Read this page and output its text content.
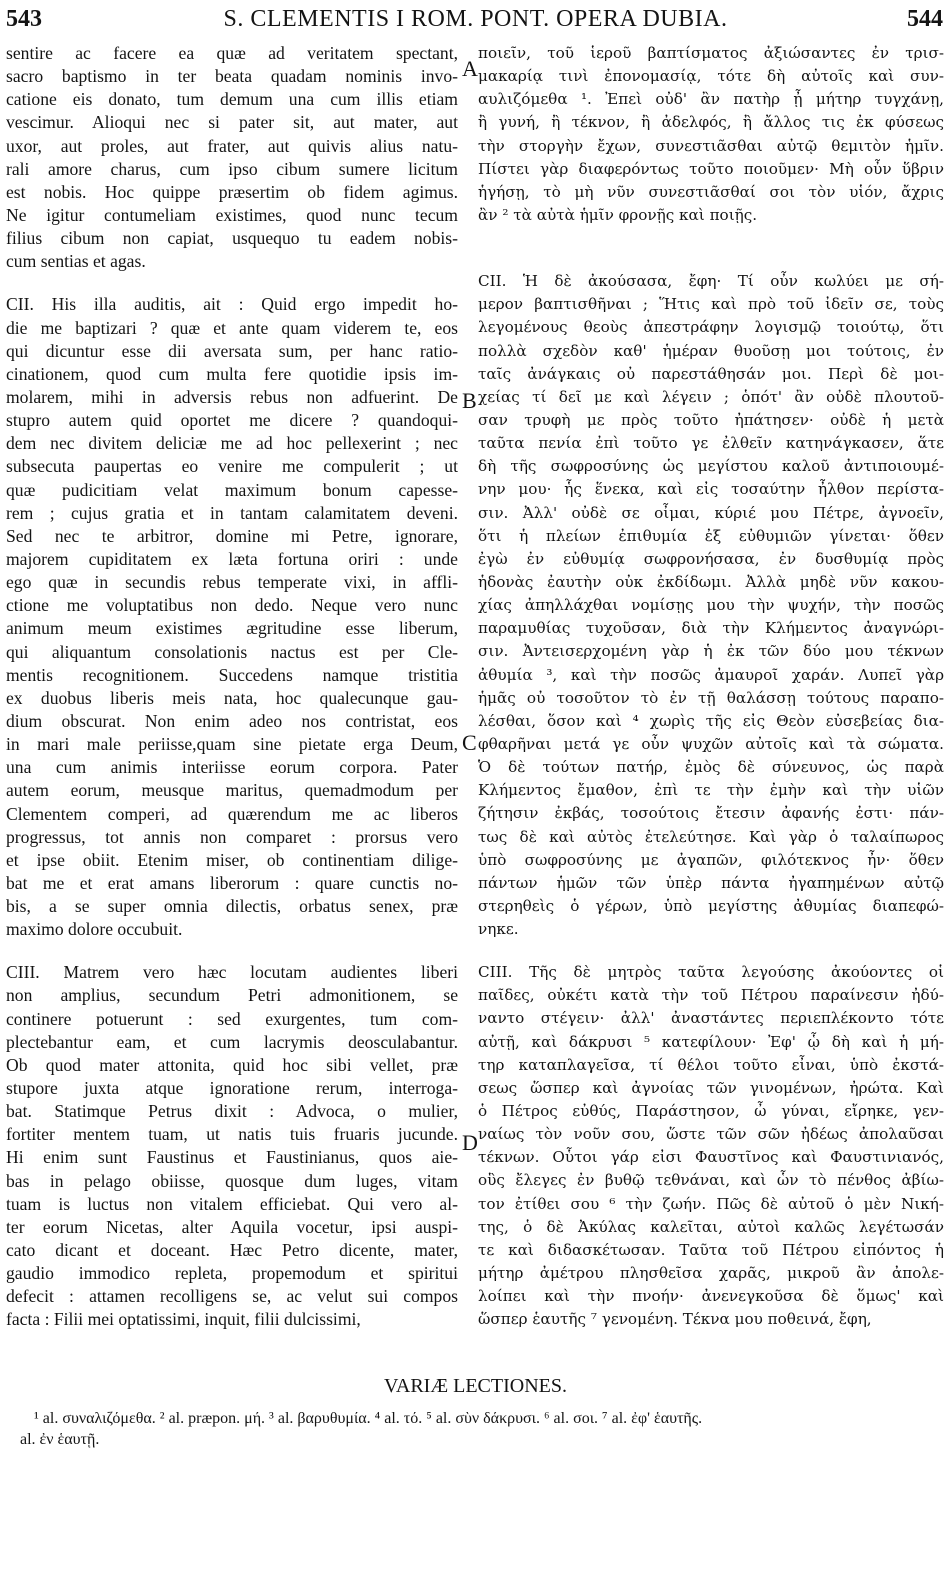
543	S. CLEMENTIS I ROM. PONT. OPERA DUBIA.	544
sentire ac facere ea quæ ad veritatem spectant,
sacro baptismo in ter beata quadam nominis invo-
catione eis donato, tum demum una cum illis etiam
vescimur. Alioqui nec si pater sit, aut mater, aut
uxor, aut proles, aut frater, aut quivis alius natu-
rali amore charus, cum ipso cibum sumere licitum
est nobis. Hoc quippe præsertim ob fidem agimus.
Ne igitur contumeliam existimes, quod nunc tecum
filius cibum non capiat, usquequo tu eadem nobis-
cum sentias et agas.
CII. His illa auditis, ait : Quid ergo impedit ho-
die me baptizari ? quæ et ante quam viderem te, eos
qui dicuntur esse dii aversata sum, per hanc ratio-
cinationem, quod cum multa fere quotidie ipsis im-
molarem, mihi in adversis rebus non adfuerint. De
stupro autem quid oportet me dicere ? quandoqui-
dem nec divitem deliciæ me ad hoc pellexerint ; nec
subsecuta paupertas eo venire me compulerit ; ut
quæ pudicitiam velat maximum bonum capesse-
rem ; cujus gratia et in tantam calamitatem deveni.
Sed nec te arbitror, domine mi Petre, ignorare,
majorem cupiditatem ex læta fortuna oriri : unde
ego quæ in secundis rebus temperate vixi, in affli-
ctione me voluptatibus non dedo. Neque vero nunc
animum meum existimes ægritudine esse liberum,
qui aliquantum consolationis nactus est per Cle-
mentis recognitionem. Succedens namque tristitia
ex duobus liberis meis nata, hoc qualecunque gau-
dium obscurat. Non enim adeo nos contristat, eos
in mari male periisse,quam sine pietate erga Deum,
una cum animis interiisse eorum corpora. Pater
autem eorum, meusque maritus, quemadmodum per
Clementem comperi, ad quærendum me ac liberos
progressus, tot annis non comparet : prorsus vero
et ipse obiit. Etenim miser, ob continentiam dilige-
bat me et erat amans liberorum : quare cunctis no-
bis, a se super omnia dilectis, orbatus senex, præ
maximo dolore occubuit.
CIII. Matrem vero hæc locutam audientes liberi
non amplius, secundum Petri admonitionem, se
continere potuerunt : sed exurgentes, tum com-
plectebantur eam, et cum lacrymis deosculabantur.
Ob quod mater attonita, quid hoc sibi vellet, præ
stupore juxta atque ignoratione rerum, interroga-
bat. Statimque Petrus dixit : Advoca, o mulier,
fortiter mentem tuam, ut natis tuis fruaris jucunde.
Hi enim sunt Faustinus et Faustinianus, quos aie-
bas in pelago obiisse, quosque dum luges, vitam
tuam is luctus non vitalem efficiebat. Qui vero al-
ter eorum Nicetas, alter Aquila vocetur, ipsi auspi-
cato dicant et doceant. Hæc Petro dicente, mater,
gaudio immodico repleta, propemodum et spiritui
defecit : attamen recolligens se, ac velut sui compos
facta : Filii mei optatissimi, inquit, filii dulcissimi,
A
B
C
D
ποιεῖν, τοῦ ἱεροῦ βαπτίσματος ἀξιώσαντες ἐν τρισ-
μακαρίᾳ τινὶ ἐπονομασίᾳ, τότε δὴ αὐτοῖς καὶ συν-
αυλιζόμεθα ¹. Ἐπεὶ οὐδ' ἂν πατὴρ ᾖ μήτηρ τυγχάνῃ,
ἢ γυνή, ἢ τέκνον, ἢ ἀδελφός, ἢ ἄλλος τις ἐκ φύσεως
τὴν στοργὴν ἔχων, συνεστιᾶσθαι αὐτῷ θεμιτὸν ἡμῖν.
Πίστει γὰρ διαφερόντως τοῦτο ποιοῦμεν· Μὴ οὖν ὕβριν
ἡγήσῃ, τὸ μὴ νῦν συνεστιᾶσθαί σοι τὸν υἱόν, ἄχρις
ἂν ² τὰ αὐτὰ ἡμῖν φρονῇς καὶ ποιῇς.
CII. Ἡ δὲ ἀκούσασα, ἔφη· Τί οὖν κωλύει με σή-
μερον βαπτισθῆναι ; Ἥτις καὶ πρὸ τοῦ ἰδεῖν σε, τοὺς
λεγομένους θεοὺς ἀπεστράφην λογισμῷ τοιούτῳ, ὅτι
πολλὰ σχεδὸν καθ' ἡμέραν θυοῦσῃ μοι τούτοις, ἐν
ταῖς ἀνάγκαις οὐ παρεστάθησάν μοι. Περὶ δὲ μοι-
χείας τί δεῖ με καὶ λέγειν ; ὁπότ' ἂν οὐδὲ πλουτοῦ-
σαν τρυφὴ με πρὸς τοῦτο ἠπάτησεν· οὐδὲ ἡ μετὰ
ταῦτα πενία ἐπὶ τοῦτο γε ἐλθεῖν κατηνάγκασεν, ἅτε
δὴ τῆς σωφροσύνης ὡς μεγίστου καλοῦ ἀντιποιουμέ-
νην μου· ἧς ἕνεκα, καὶ εἰς τοσαύτην ἦλθον περίστα-
σιν. Ἀλλ' οὐδὲ σε οἶμαι, κύριέ μου Πέτρε, ἀγνοεῖν,
ὅτι ἡ πλείων ἐπιθυμία ἐξ εὐθυμιῶν γίνεται· ὅθεν
ἐγὼ ἐν εὐθυμίᾳ σωφρονήσασα, ἐν δυσθυμίᾳ πρὸς
ἡδονὰς ἐαυτὴν οὐκ ἐκδίδωμι. Ἀλλὰ μηδὲ νῦν κακου-
χίας ἀπηλλάχθαι νομίσῃς μου τὴν ψυχήν, τὴν ποσῶς
παραμυθίας τυχοῦσαν, διὰ τὴν Κλήμεντος ἀναγνώρι-
σιν. Ἀντεισερχομένη γὰρ ἡ ἐκ τῶν δύο μου τέκνων
ἀθυμία ³, καὶ τὴν ποσῶς ἀμαυροῖ χαράν. Λυπεῖ γὰρ
ἡμᾶς οὐ τοσοῦτον τὸ ἐν τῇ θαλάσσῃ τούτους παραπο-
λέσθαι, ὅσον καὶ ⁴ χωρὶς τῆς εἰς Θεὸν εὐσεβείας δια-
φθαρῆναι μετά γε οὖν ψυχῶν αὐτοῖς καὶ τὰ σώματα.
Ὁ δὲ τούτων πατήρ, ἐμὸς δὲ σύνευνος, ὡς παρὰ
Κλήμεντος ἔμαθον, ἐπὶ τε τὴν ἐμὴν καὶ τὴν υἱῶν
ζήτησιν ἐκβάς, τοσούτοις ἔτεσιν ἀφανής ἐστι· πάν-
τως δὲ καὶ αὐτὸς ἐτελεύτησε. Καὶ γὰρ ὁ ταλαίπωρος
ὑπὸ σωφροσύνης με ἀγαπῶν, φιλότεκνος ἦν· ὅθεν
πάντων ἡμῶν τῶν ὑπὲρ πάντα ἠγαπημένων αὐτῷ
στερηθεὶς ὁ γέρων, ὑπὸ μεγίστης ἀθυμίας διαπεφώ-
νηκε.
CIII. Τῆς δὲ μητρὸς ταῦτα λεγούσης ἀκούοντες οἱ
παῖδες, οὐκέτι κατὰ τὴν τοῦ Πέτρου παραίνεσιν ἠδύ-
ναντο στέγειν· ἀλλ' ἀναστάντες περιεπλέκοντο τότε
αὐτῇ, καὶ δάκρυσι ⁵ κατεφίλουν· Ἐφ' ᾧ δὴ καὶ ἡ μή-
τηρ καταπλαγεῖσα, τί θέλοι τοῦτο εἶναι, ὑπὸ ἐκστά-
σεως ὥσπερ καὶ ἀγνοίας τῶν γινομένων, ἠρώτα. Καὶ
ὁ Πέτρος εὐθύς, Παράστησον, ὦ γύναι, εἴρηκε, γεν-
ναίως τὸν νοῦν σου, ὥστε τῶν σῶν ἠδέως ἀπολαῦσαι
τέκνων. Οὗτοι γάρ εἰσι Φαυστῖνος καὶ Φαυστινιανός,
οὓς ἔλεγες ἐν βυθῷ τεθνάναι, καὶ ὧν τὸ πένθος ἀβίω-
τον ἐτίθει σου ⁶ τὴν ζωήν. Πῶς δὲ αὐτοῦ ὁ μὲν Νική-
της, ὁ δὲ Ἀκύλας καλεῖται, αὐτοὶ καλῶς λεγέτωσάν
τε καὶ διδασκέτωσαν. Ταῦτα τοῦ Πέτρου εἰπόντος ἡ
μήτηρ ἀμέτρου πλησθεῖσα χαρᾶς, μικροῦ ἂν ἀπολε-
λοίπει καὶ τὴν πνοήν· ἀνενεγκοῦσα δὲ ὅμως' καὶ
ὥσπερ ἑαυτῆς ⁷ γενομένη. Τέκνα μου ποθεινά, ἔφη,
VARIÆ LECTIONES.
¹ al. συναλιζόμεθα. ² al. præpon. μή. ³ al. βαρυθυμία. ⁴ al. τό. ⁵ al. σὺν δάκρυσι. ⁶ al. σοι. ⁷ al. ἐφ' ἑαυτῆς.
al. ἐν ἑαυτῇ.
